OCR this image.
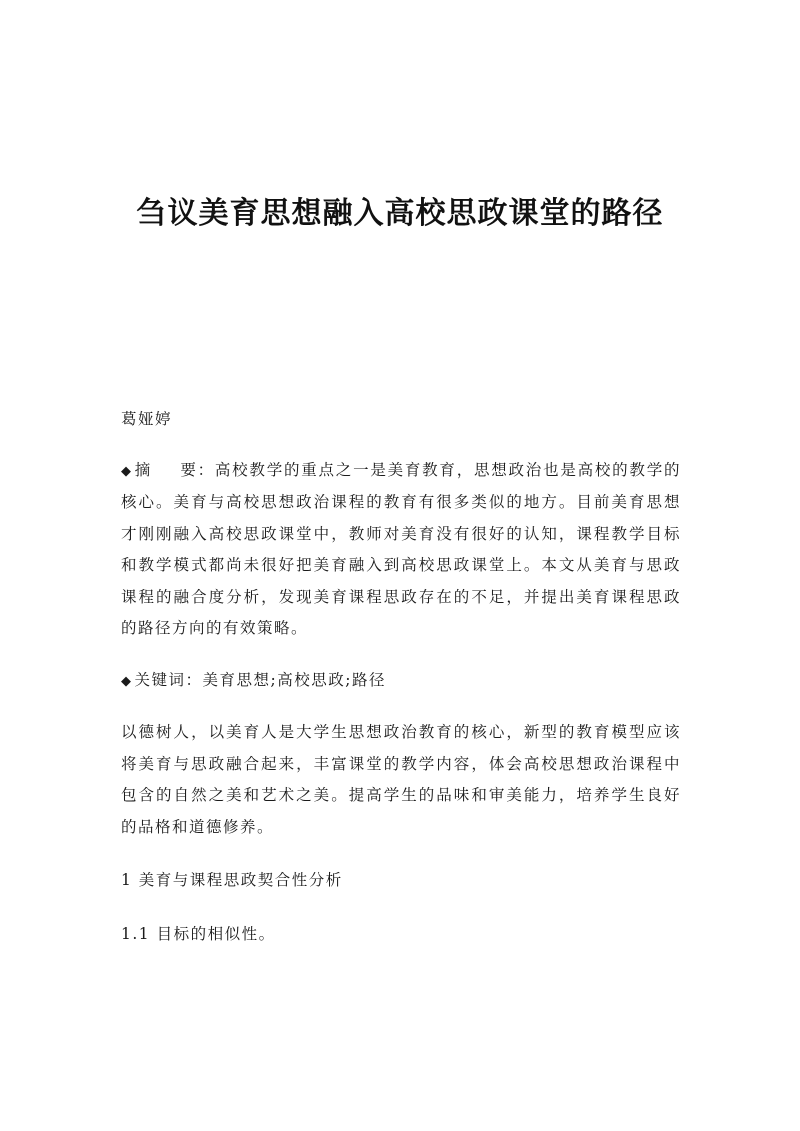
刍议美育思想融入高校思政课堂的路径

葛娅婷

◆ 摘 要：高校教学的重点之一是美育教育，思想政治也是高校的教学的核心。美育与高校思想政治课程的教育有很多类似的地方。目前美育思想才刚刚融入高校思政课堂中，教师对美育没有很好的认知，课程教学目标和教学模式都尚未很好把美育融入到高校思政课堂上。本文从美育与思政课程的融合度分析，发现美育课程思政存在的不足，并提出美育课程思政的路径方向的有效策略。

◆ 关键词：美育思想;高校思政;路径

以德树人，以美育人是大学生思想政治教育的核心，新型的教育模型应该将美育与思政融合起来，丰富课堂的教学内容，体会高校思想政治课程中包含的自然之美和艺术之美。提高学生的品味和审美能力，培养学生良好的品格和道德修养。

1 美育与课程思政契合性分析

1.1 目标的相似性。
